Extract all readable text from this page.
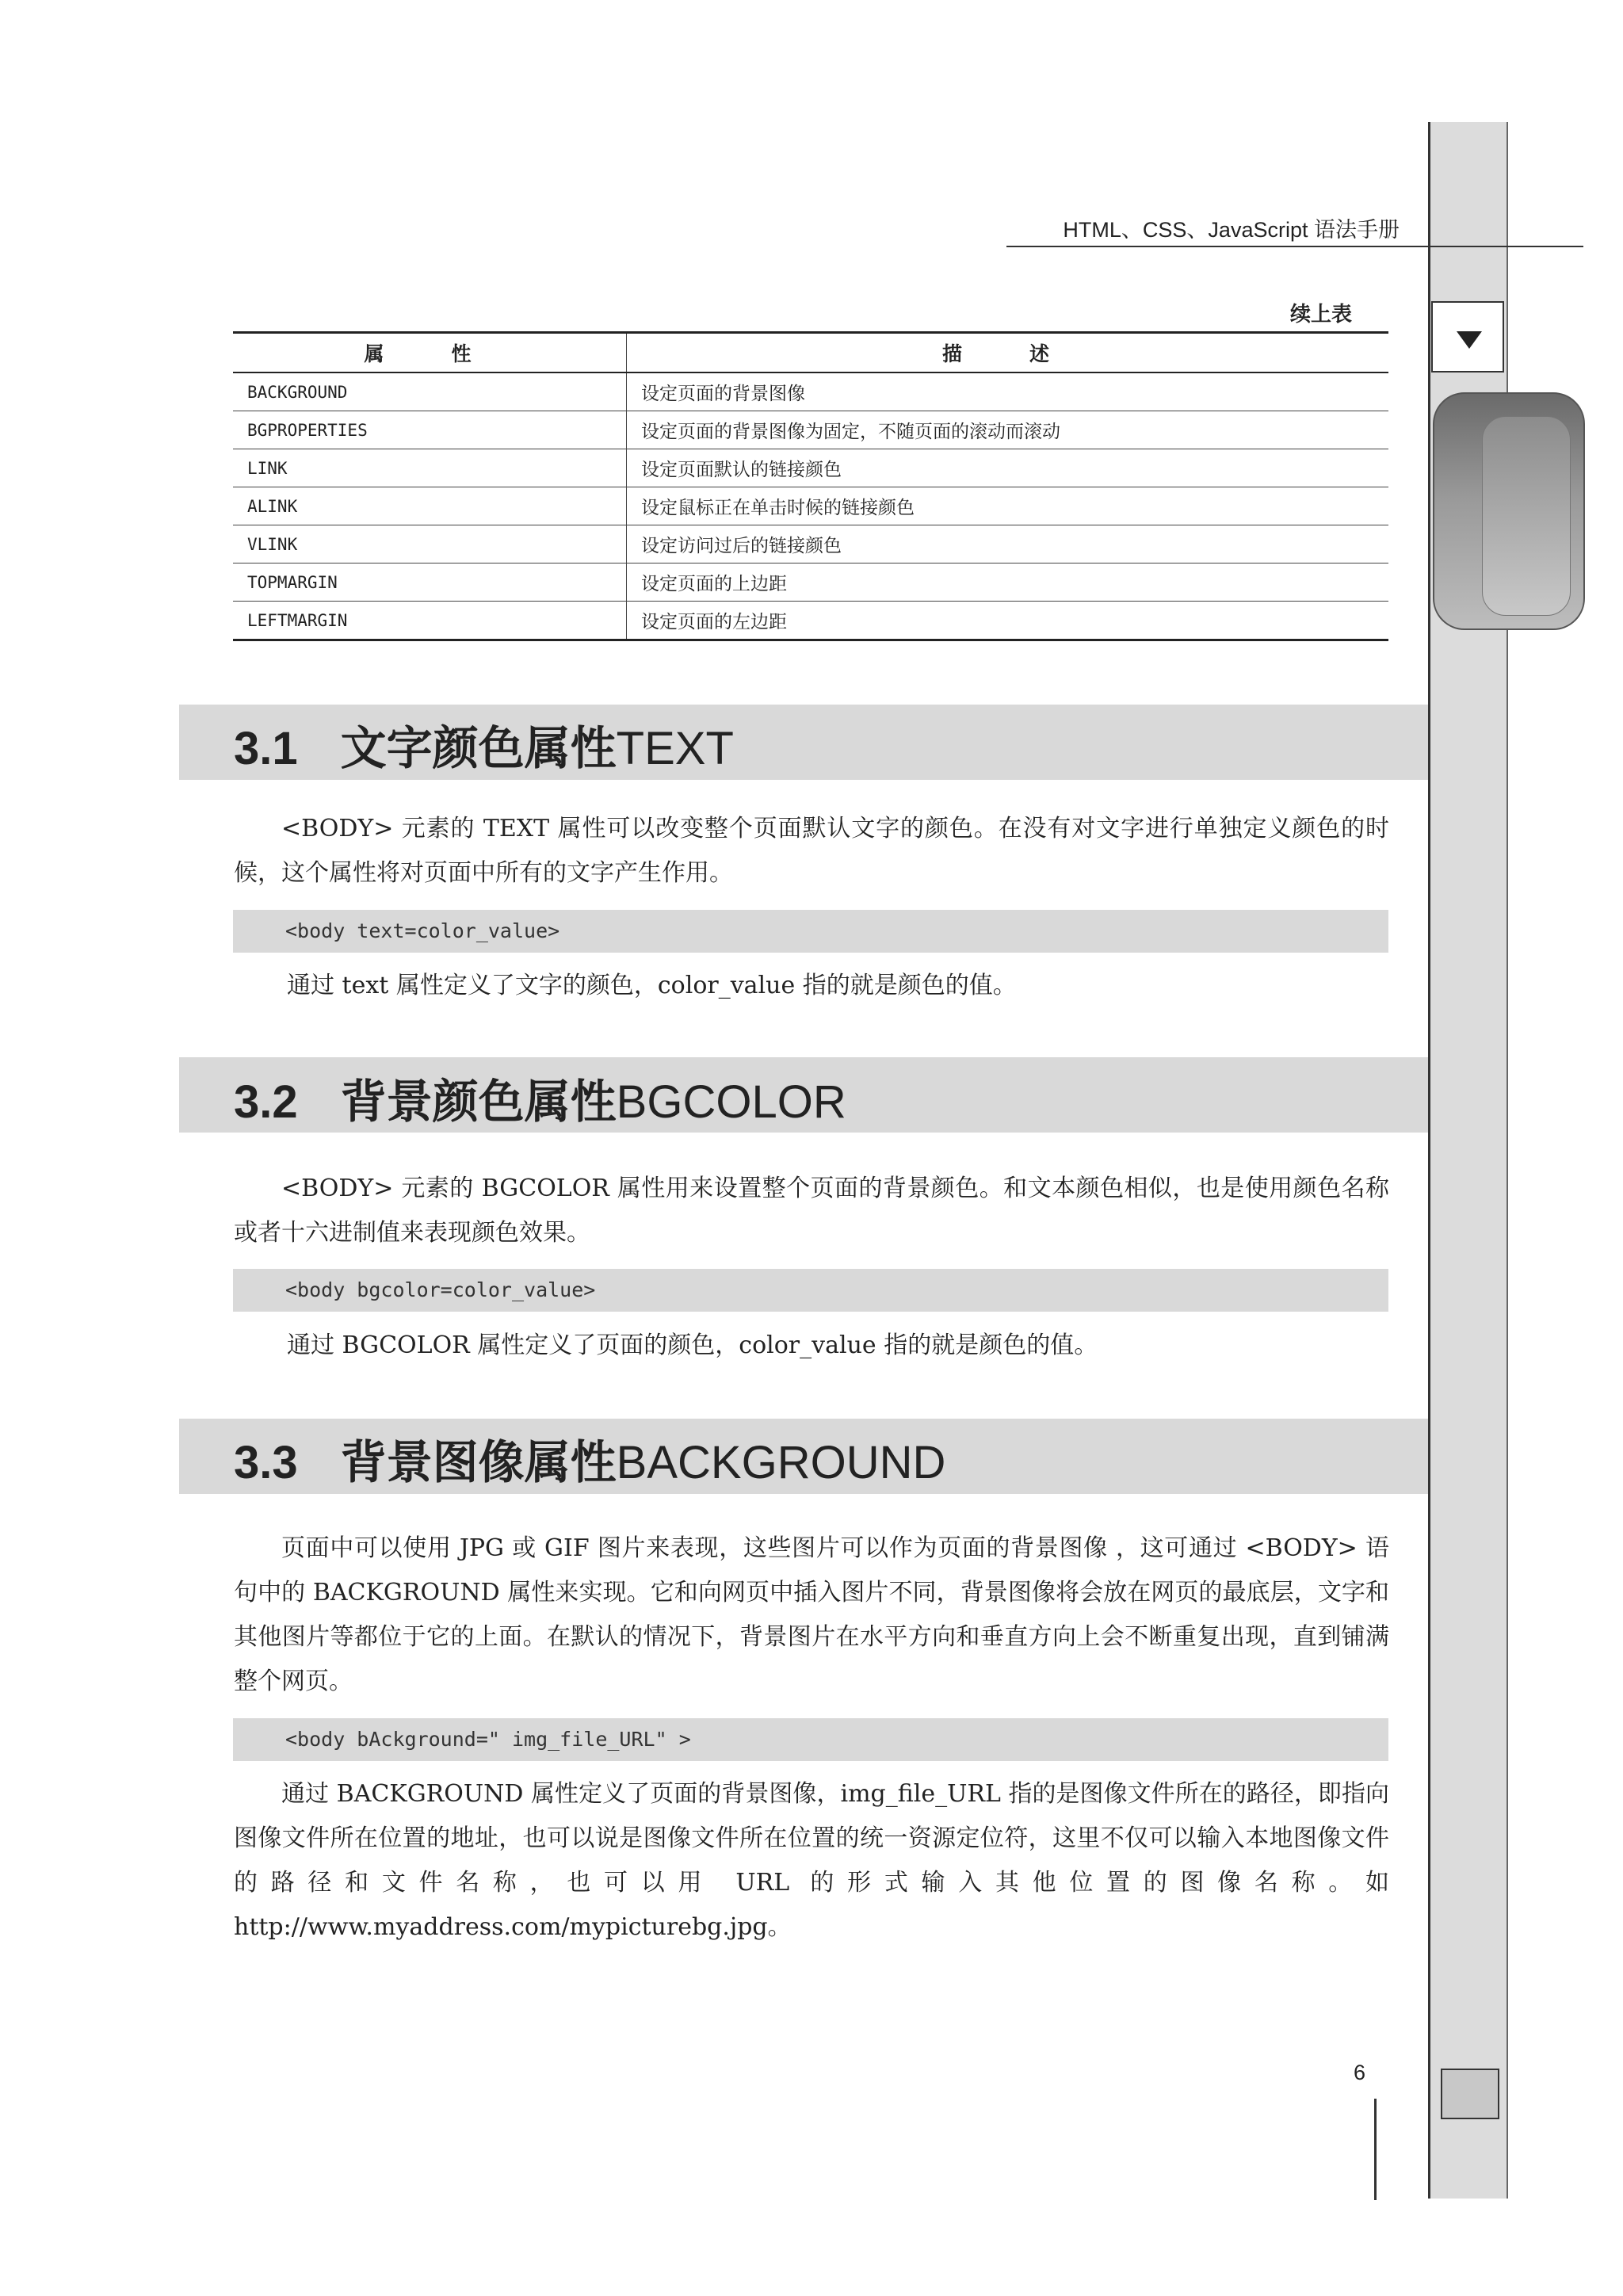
HTML、CSS、JavaScript 语法手册
续上表
属　性	描　述
BACKGROUND	设定页面的背景图像
BGPROPERTIES	设定页面的背景图像为固定，不随页面的滚动而滚动
LINK	设定页面默认的链接颜色
ALINK	设定鼠标正在单击时候的链接颜色
VLINK	设定访问过后的链接颜色
TOPMARGIN	设定页面的上边距
LEFTMARGIN	设定页面的左边距
3.1 文字颜色属性TEXT
<BODY> 元素的 TEXT 属性可以改变整个页面默认文字的颜色。在没有对文字进行单独定义颜色的时候，这个属性将对页面中所有的文字产生作用。
<body text=color_value>
通过 text 属性定义了文字的颜色，color_value 指的就是颜色的值。
3.2 背景颜色属性BGCOLOR
<BODY> 元素的 BGCOLOR 属性用来设置整个页面的背景颜色。和文本颜色相似，也是使用颜色名称或者十六进制值来表现颜色效果。
<body bgcolor=color_value>
通过 BGCOLOR 属性定义了页面的颜色，color_value 指的就是颜色的值。
3.3 背景图像属性BACKGROUND
页面中可以使用 JPG 或 GIF 图片来表现，这些图片可以作为页面的背景图像 ，这可通过 <BODY> 语句中的 BACKGROUND 属性来实现。它和向网页中插入图片不同，背景图像将会放在网页的最底层，文字和其他图片等都位于它的上面。在默认的情况下，背景图片在水平方向和垂直方向上会不断重复出现，直到铺满整个网页。
<body bAckground=" img_file_URL" >
通过 BACKGROUND 属性定义了页面的背景图像，img_file_URL 指的是图像文件所在的路径，即指向图像文件所在位置的地址，也可以说是图像文件所在位置的统一资源定位符，这里不仅可以输入本地图像文件的路径和文件名称，也可以用 URL 的形式输入其他位置的图像名称。如 http://www.myaddress.com/mypicturebg.jpg。
6
